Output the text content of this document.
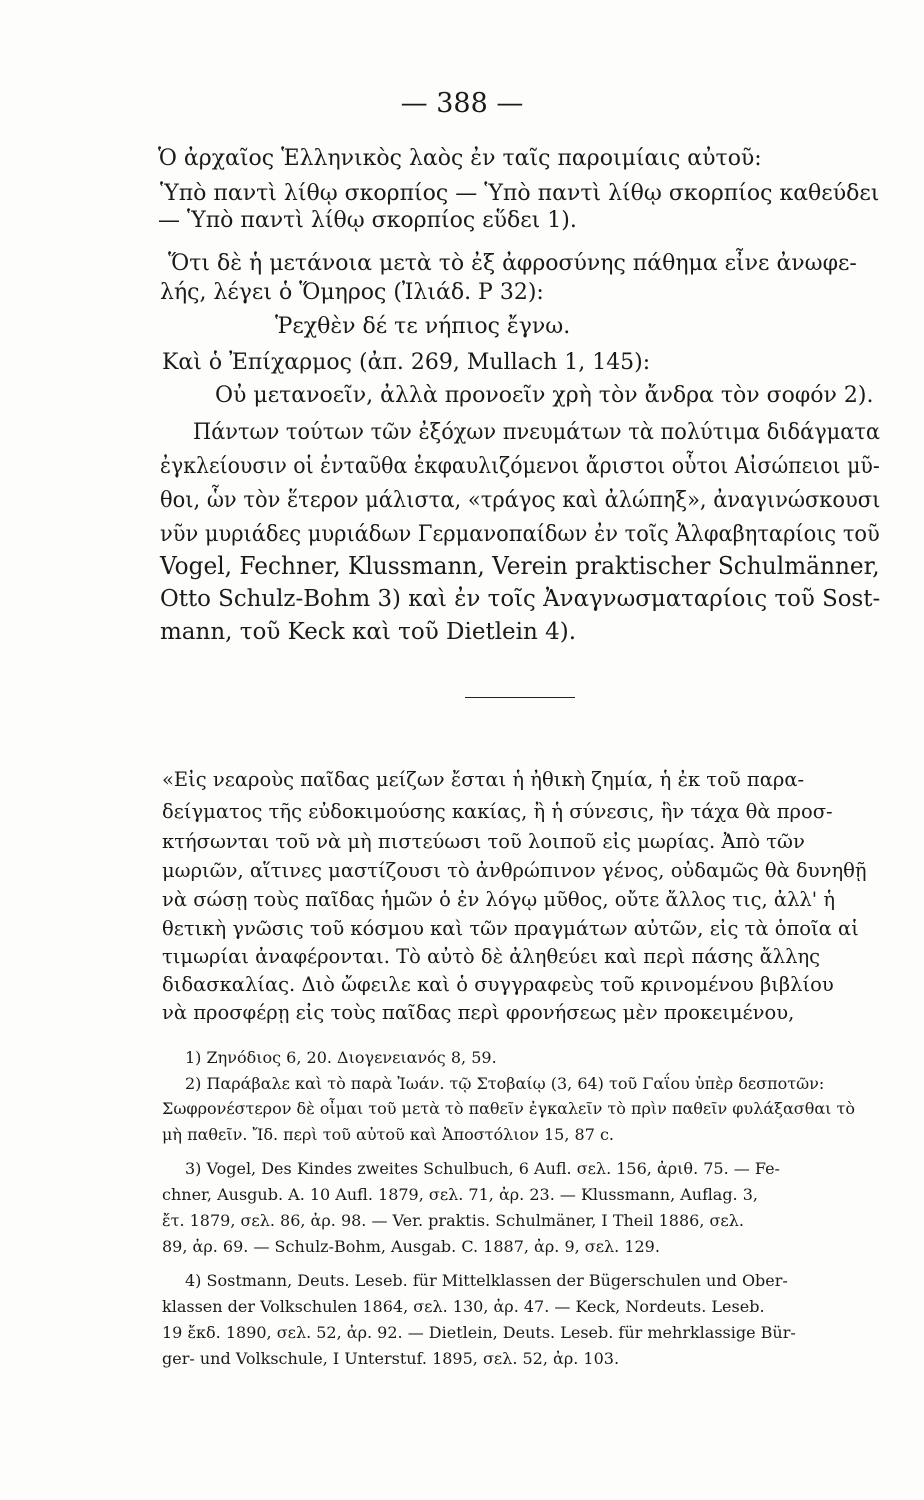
— 388 —
Ὁ ἀρχαῖος Ἑλληνικὸς λαὸς ἐν ταῖς παροιμίαις αὐτοῦ:
Ὑπὸ παντὶ λίθῳ σκορπίος — Ὑπὸ παντὶ λίθῳ σκορπίος καθεύδει
— Ὑπὸ παντὶ λίθῳ σκορπίος εὕδει 1).
Ὅτι δὲ ἡ μετάνοια μετὰ τὸ ἐξ ἀφροσύνης πάθημα εἶνε ἀνωφε-
λής, λέγει ὁ Ὅμηρος (Ἰλιάδ. Ρ 32):
Ῥεχθὲν δέ τε νήπιος ἔγνω.
Καὶ ὁ Ἐπίχαρμος (ἀπ. 269, Mullach 1, 145):
Οὐ μετανοεῖν, ἀλλὰ προνοεῖν χρὴ τὸν ἄνδρα τὸν σοφόν 2).
Πάντων τούτων τῶν ἐξόχων πνευμάτων τὰ πολύτιμα διδάγματα
ἐγκλείουσιν οἱ ἐνταῦθα ἐκφαυλιζόμενοι ἄριστοι οὗτοι Αἰσώπειοι μῦ-
θοι, ὧν τὸν ἕτερον μάλιστα, «τράγος καὶ ἀλώπηξ», ἀναγινώσκουσι
νῦν μυριάδες μυριάδων Γερμανοπαίδων ἐν τοῖς Ἀλφαβηταρίοις τοῦ
Vogel, Fechner, Klussmann, Verein praktischer Schulmänner,
Otto Schulz-Bohm 3) καὶ ἐν τοῖς Ἀναγνωσματαρίοις τοῦ Sost-
mann, τοῦ Keck καὶ τοῦ Dietlein 4).
«Εἰς νεαροὺς παῖδας μείζων ἔσται ἡ ἠθικὴ ζημία, ἡ ἐκ τοῦ παρα-
δείγματος τῆς εὐδοκιμούσης κακίας, ἢ ἡ σύνεσις, ἣν τάχα θὰ προσ-
κτήσωνται τοῦ νὰ μὴ πιστεύωσι τοῦ λοιποῦ εἰς μωρίας. Ἀπὸ τῶν
μωριῶν, αἵτινες μαστίζουσι τὸ ἀνθρώπινον γένος, οὐδαμῶς θὰ δυνηθῇ
νὰ σώσῃ τοὺς παῖδας ἡμῶν ὁ ἐν λόγῳ μῦθος, οὔτε ἄλλος τις, ἀλλ' ἡ
θετικὴ γνῶσις τοῦ κόσμου καὶ τῶν πραγμάτων αὐτῶν, εἰς τὰ ὁποῖα αἱ
τιμωρίαι ἀναφέρονται. Τὸ αὐτὸ δὲ ἀληθεύει καὶ περὶ πάσης ἄλλης
διδασκαλίας. Διὸ ὤφειλε καὶ ὁ συγγραφεὺς τοῦ κρινομένου βιβλίου
νὰ προσφέρῃ εἰς τοὺς παῖδας περὶ φρονήσεως μὲν προκειμένου,
1) Ζηνόδιος 6, 20. Διογενειανός 8, 59.
2) Παράβαλε καὶ τὸ παρὰ Ἰωάν. τῷ Στοβαίῳ (3, 64) τοῦ Γαΐου ὑπὲρ δεσποτῶν:
Σωφρονέστερον δὲ οἶμαι τοῦ μετὰ τὸ παθεῖν ἐγκαλεῖν τὸ πρὶν παθεῖν φυλάξασθαι τὸ
μὴ παθεῖν. Ἴδ. περὶ τοῦ αὐτοῦ καὶ Ἀποστόλιον 15, 87 c.
3) Vogel, Des Kindes zweites Schulbuch, 6 Aufl. σελ. 156, ἀριθ. 75. — Fe-
chner, Ausgub. A. 10 Aufl. 1879, σελ. 71, ἀρ. 23. — Klussmann, Auflag. 3,
ἔτ. 1879, σελ. 86, ἀρ. 98. — Ver. praktis. Schulmäner, I Theil 1886, σελ.
89, ἀρ. 69. — Schulz-Bohm, Ausgab. C. 1887, ἀρ. 9, σελ. 129.
4) Sostmann, Deuts. Leseb. für Mittelklassen der Bügerschulen und Ober-
klassen der Volkschulen 1864, σελ. 130, ἀρ. 47. — Keck, Nordeuts. Leseb.
19 ἔκδ. 1890, σελ. 52, ἀρ. 92. — Dietlein, Deuts. Leseb. für mehrklassige Bür-
ger- und Volkschule, I Unterstuf. 1895, σελ. 52, ἀρ. 103.
